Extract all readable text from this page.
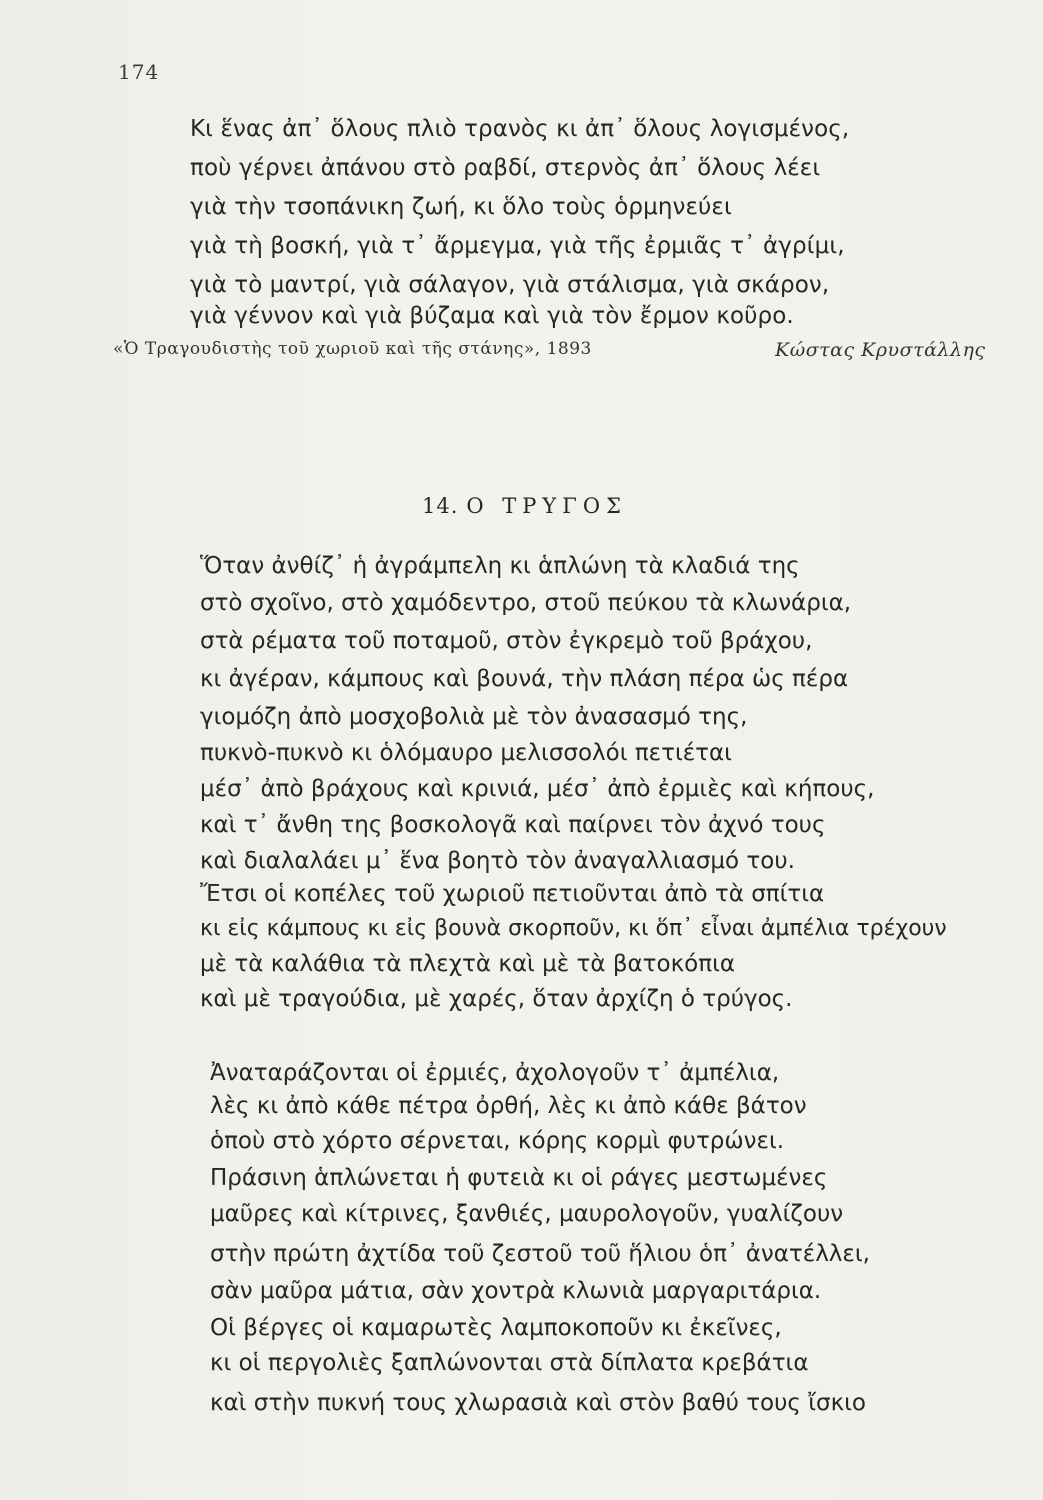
174
Κι ἕνας ἀπ᾽ ὅλους πλιὸ τρανὸς κι ἀπ᾽ ὅλους λογισμένος,
ποὺ γέρνει ἀπάνου στὸ ραβδί, στερνὸς ἀπ᾽ ὅλους λέει
γιὰ τὴν τσοπάνικη ζωή, κι ὅλο τοὺς ὁρμηνεύει
γιὰ τὴ βοσκή, γιὰ τ᾽ ἄρμεγμα, γιὰ τῆς ἐρμιᾶς τ᾽ ἀγρίμι,
γιὰ τὸ μαντρί, γιὰ σάλαγον, γιὰ στάλισμα, γιὰ σκάρον,
γιὰ γέννον καὶ γιὰ βύζαμα καὶ γιὰ τὸν ἔρμον κοῦρο.
«Ὁ Τραγουδιστὴς τοῦ χωριοῦ καὶ τῆς στάνης», 1893	Κώστας Κρυστάλλης
14. Ο ΤΡΥΓΟΣ
Ὅταν ἀνθίζ᾽ ἡ ἀγράμπελη κι ἁπλώνη τὰ κλαδιά της
στὸ σχοῖνο, στὸ χαμόδεντρο, στοῦ πεύκου τὰ κλωνάρια,
στὰ ρέματα τοῦ ποταμοῦ, στὸν ἐγκρεμὸ τοῦ βράχου,
κι ἀγέραν, κάμπους καὶ βουνά, τὴν πλάση πέρα ὡς πέρα
γιομόζη ἀπὸ μοσχοβολιὰ μὲ τὸν ἀνασασμό της,
πυκνὸ-πυκνὸ κι ὁλόμαυρο μελισσολόι πετιέται
μέσ᾽ ἀπὸ βράχους καὶ κρινιά, μέσ᾽ ἀπὸ ἐρμιὲς καὶ κήπους,
καὶ τ᾽ ἄνθη της βοσκολογᾶ καὶ παίρνει τὸν ἀχνό τους
καὶ διαλαλάει μ᾽ ἕνα βοητὸ τὸν ἀναγαλλιασμό του.
Ἔτσι οἱ κοπέλες τοῦ χωριοῦ πετιοῦνται ἀπὸ τὰ σπίτια
κι εἰς κάμπους κι εἰς βουνὰ σκορποῦν, κι ὅπ᾽ εἶναι ἀμπέλια τρέχουν
μὲ τὰ καλάθια τὰ πλεχτὰ καὶ μὲ τὰ βατοκόπια
καὶ μὲ τραγούδια, μὲ χαρές, ὅταν ἀρχίζη ὁ τρύγος.
Ἀναταράζονται οἱ ἐρμιές, ἀχολογοῦν τ᾽ ἀμπέλια,
λὲς κι ἀπὸ κάθε πέτρα ὀρθή, λὲς κι ἀπὸ κάθε βάτον
ὁποὺ στὸ χόρτο σέρνεται, κόρης κορμὶ φυτρώνει.
Πράσινη ἁπλώνεται ἡ φυτειὰ κι οἱ ράγες μεστωμένες
μαῦρες καὶ κίτρινες, ξανθιές, μαυρολογοῦν, γυαλίζουν
στὴν πρώτη ἀχτίδα τοῦ ζεστοῦ τοῦ ἥλιου ὁπ᾽ ἀνατέλλει,
σὰν μαῦρα μάτια, σὰν χοντρὰ κλωνιὰ μαργαριτάρια.
Οἱ βέργες οἱ καμαρωτὲς λαμποκοποῦν κι ἐκεῖνες,
κι οἱ περγολιὲς ξαπλώνονται στὰ δίπλατα κρεβάτια
καὶ στὴν πυκνή τους χλωρασιὰ καὶ στὸν βαθύ τους ἴσκιο
